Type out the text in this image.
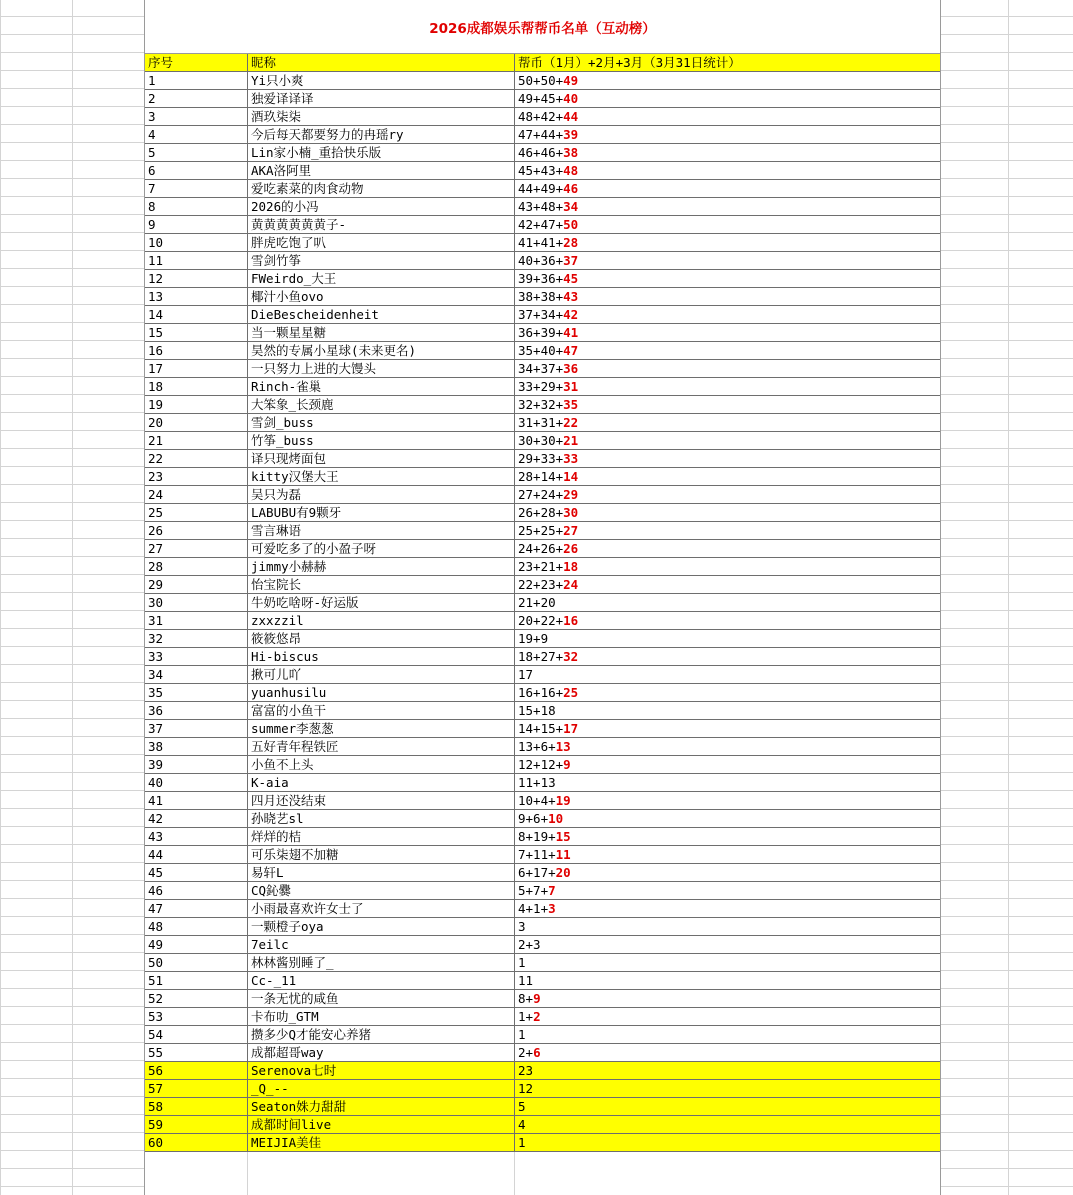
2026成都娱乐帮帮币名单（互动榜）
序号	昵称	帮币（1月）+2月+3月（3月31日统计）
1	Yi只小爽	50+50+49
2	独爱译译译	49+45+40
3	酒玖柒柒	48+42+44
4	今后每天都要努力的冉瑶ry	47+44+39
5	Lin家小楠_重拾快乐版	46+46+38
6	AKA洛阿里	45+43+48
7	爱吃素菜的肉食动物	44+49+46
8	2026的小冯	43+48+34
9	黄黄黄黄黄黄子-	42+47+50
10	胖虎吃饱了叭	41+41+28
11	雪剑竹筝	40+36+37
12	FWeirdo_大王	39+36+45
13	椰汁小鱼ovo	38+38+43
14	DieBescheidenheit	37+34+42
15	当一颗星星糖	36+39+41
16	昊然的专属小星球(未来更名)	35+40+47
17	一只努力上进的大馒头	34+37+36
18	Rinch-雀巢	33+29+31
19	大笨象_长颈鹿	32+32+35
20	雪剑_buss	31+31+22
21	竹筝_buss	30+30+21
22	译只现烤面包	29+33+33
23	kitty汉堡大王	28+14+14
24	吴只为磊	27+24+29
25	LABUBU有9颗牙	26+28+30
26	雪言琳语	25+25+27
27	可爱吃多了的小盈子呀	24+26+26
28	jimmy小赫赫	23+21+18
29	怡宝院长	22+23+24
30	牛奶吃啥呀-好运版	21+20
31	zxxzzil	20+22+16
32	筱筱悠昂	19+9
33	Hi-biscus	18+27+32
34	揪可儿吖	17
35	yuanhusilu	16+16+25
36	富富的小鱼干	15+18
37	summer李葱葱	14+15+17
38	五好青年程铁匠	13+6+13
39	小鱼不上头	12+12+9
40	K-aia	11+13
41	四月还没结束	10+4+19
42	孙晓艺sl	9+6+10
43	烊烊的桔	8+19+15
44	可乐柒翅不加糖	7+11+11
45	易轩L	6+17+20
46	CQ鈊爨	5+7+7
47	小雨最喜欢许女士了	4+1+3
48	一颗橙子oya	3
49	7eilc	2+3
50	林林酱别睡了_	1
51	Cc-_11	11
52	一条无忧的咸鱼	8+9
53	卡布叻_GTM	1+2
54	攒多少Q才能安心养猪	1
55	成都超哥way	2+6
56	Serenova七时	23
57	_Q_--	12
58	Seaton姝力甜甜	5
59	成都时间live	4
60	MEIJIA美佳	1
